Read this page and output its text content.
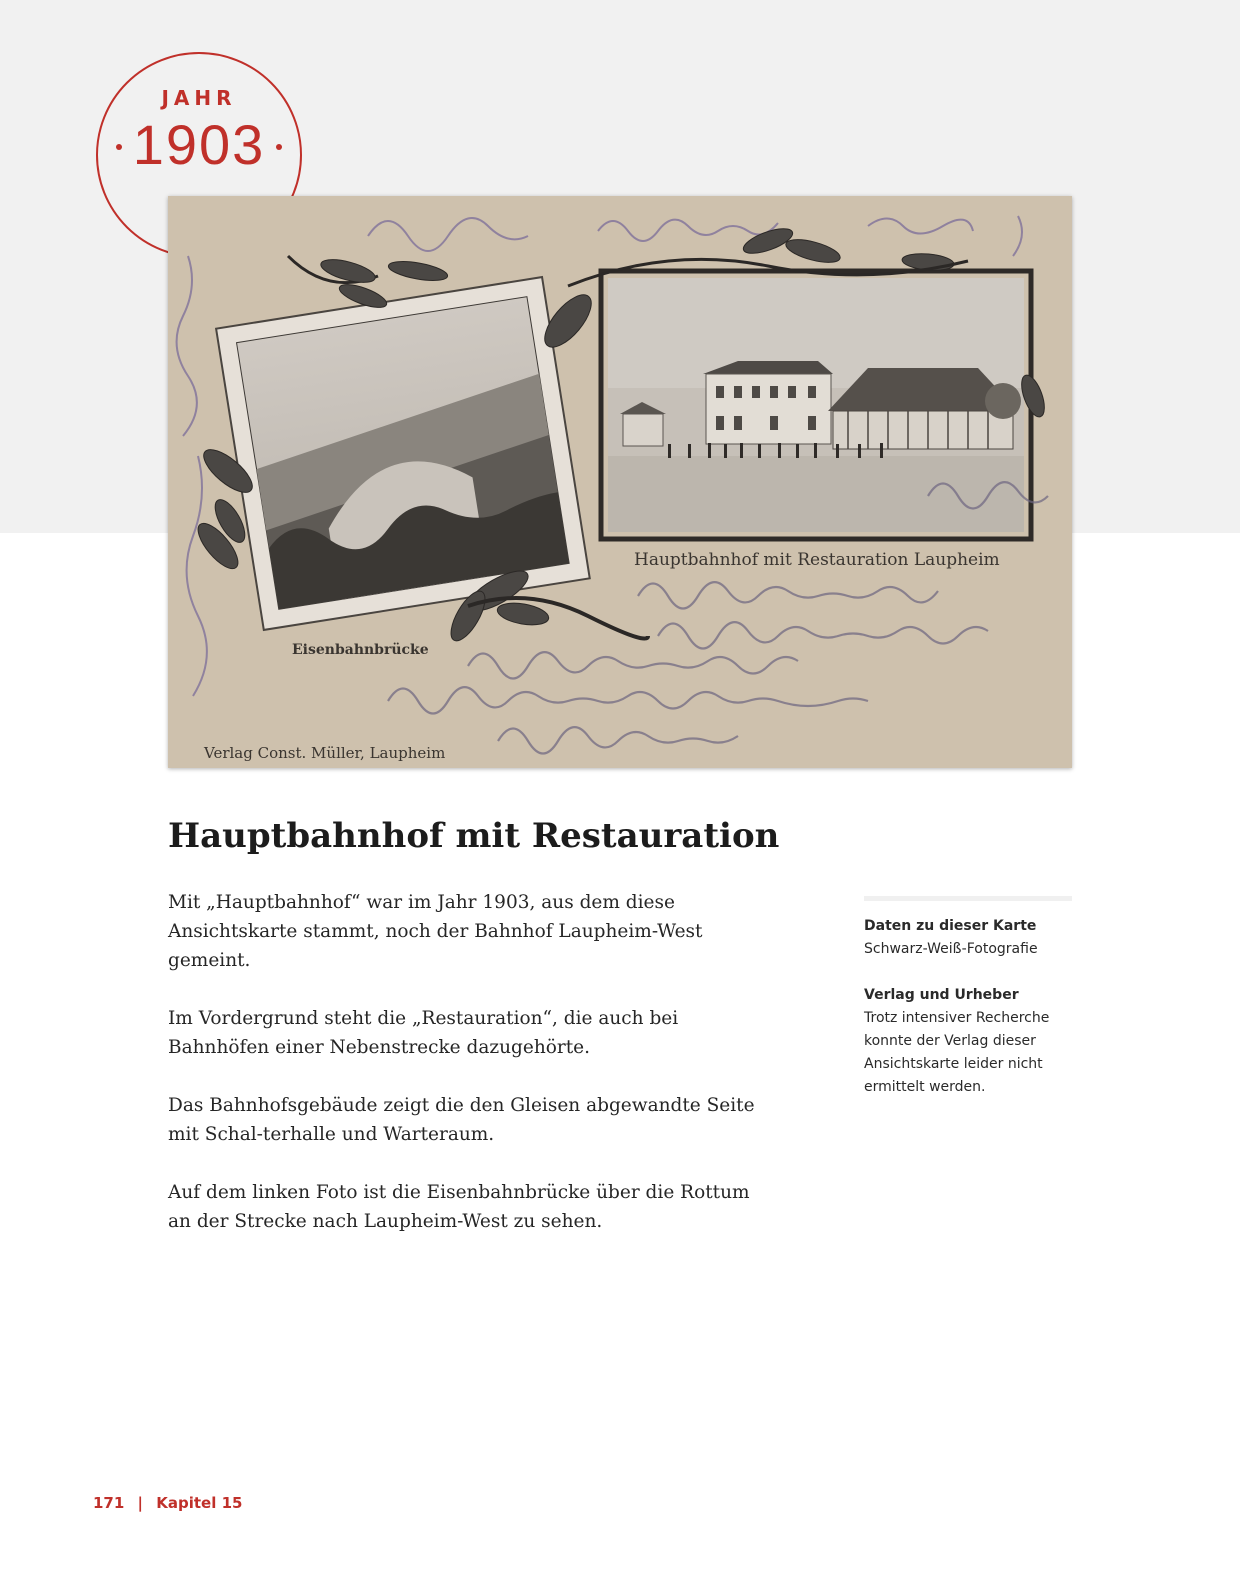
JAHR
1903
Hauptbahnhof mit Restauration Laupheim
Eisenbahnbrücke
Verlag Const. Müller, Laupheim
Hauptbahnhof mit Restauration

Mit „Hauptbahnhof“ war im Jahr 1903, aus dem diese Ansichtskarte stammt, noch der Bahnhof Laupheim-West gemeint.

Im Vordergrund steht die „Restauration“, die auch bei Bahnhöfen einer Nebenstrecke dazugehörte.

Das Bahnhofsgebäude zeigt die den Gleisen abgewandte Seite mit Schal-terhalle und Warteraum.

Auf dem linken Foto ist die Eisenbahnbrücke über die Rottum an der Strecke nach Laupheim-West zu sehen.

Daten zu dieser Karte
Schwarz-Weiß-Fotografie
Verlag und Urheber
Trotz intensiver Recherche konnte der Verlag dieser Ansichtskarte leider nicht ermittelt werden.
171 | Kapitel 15
